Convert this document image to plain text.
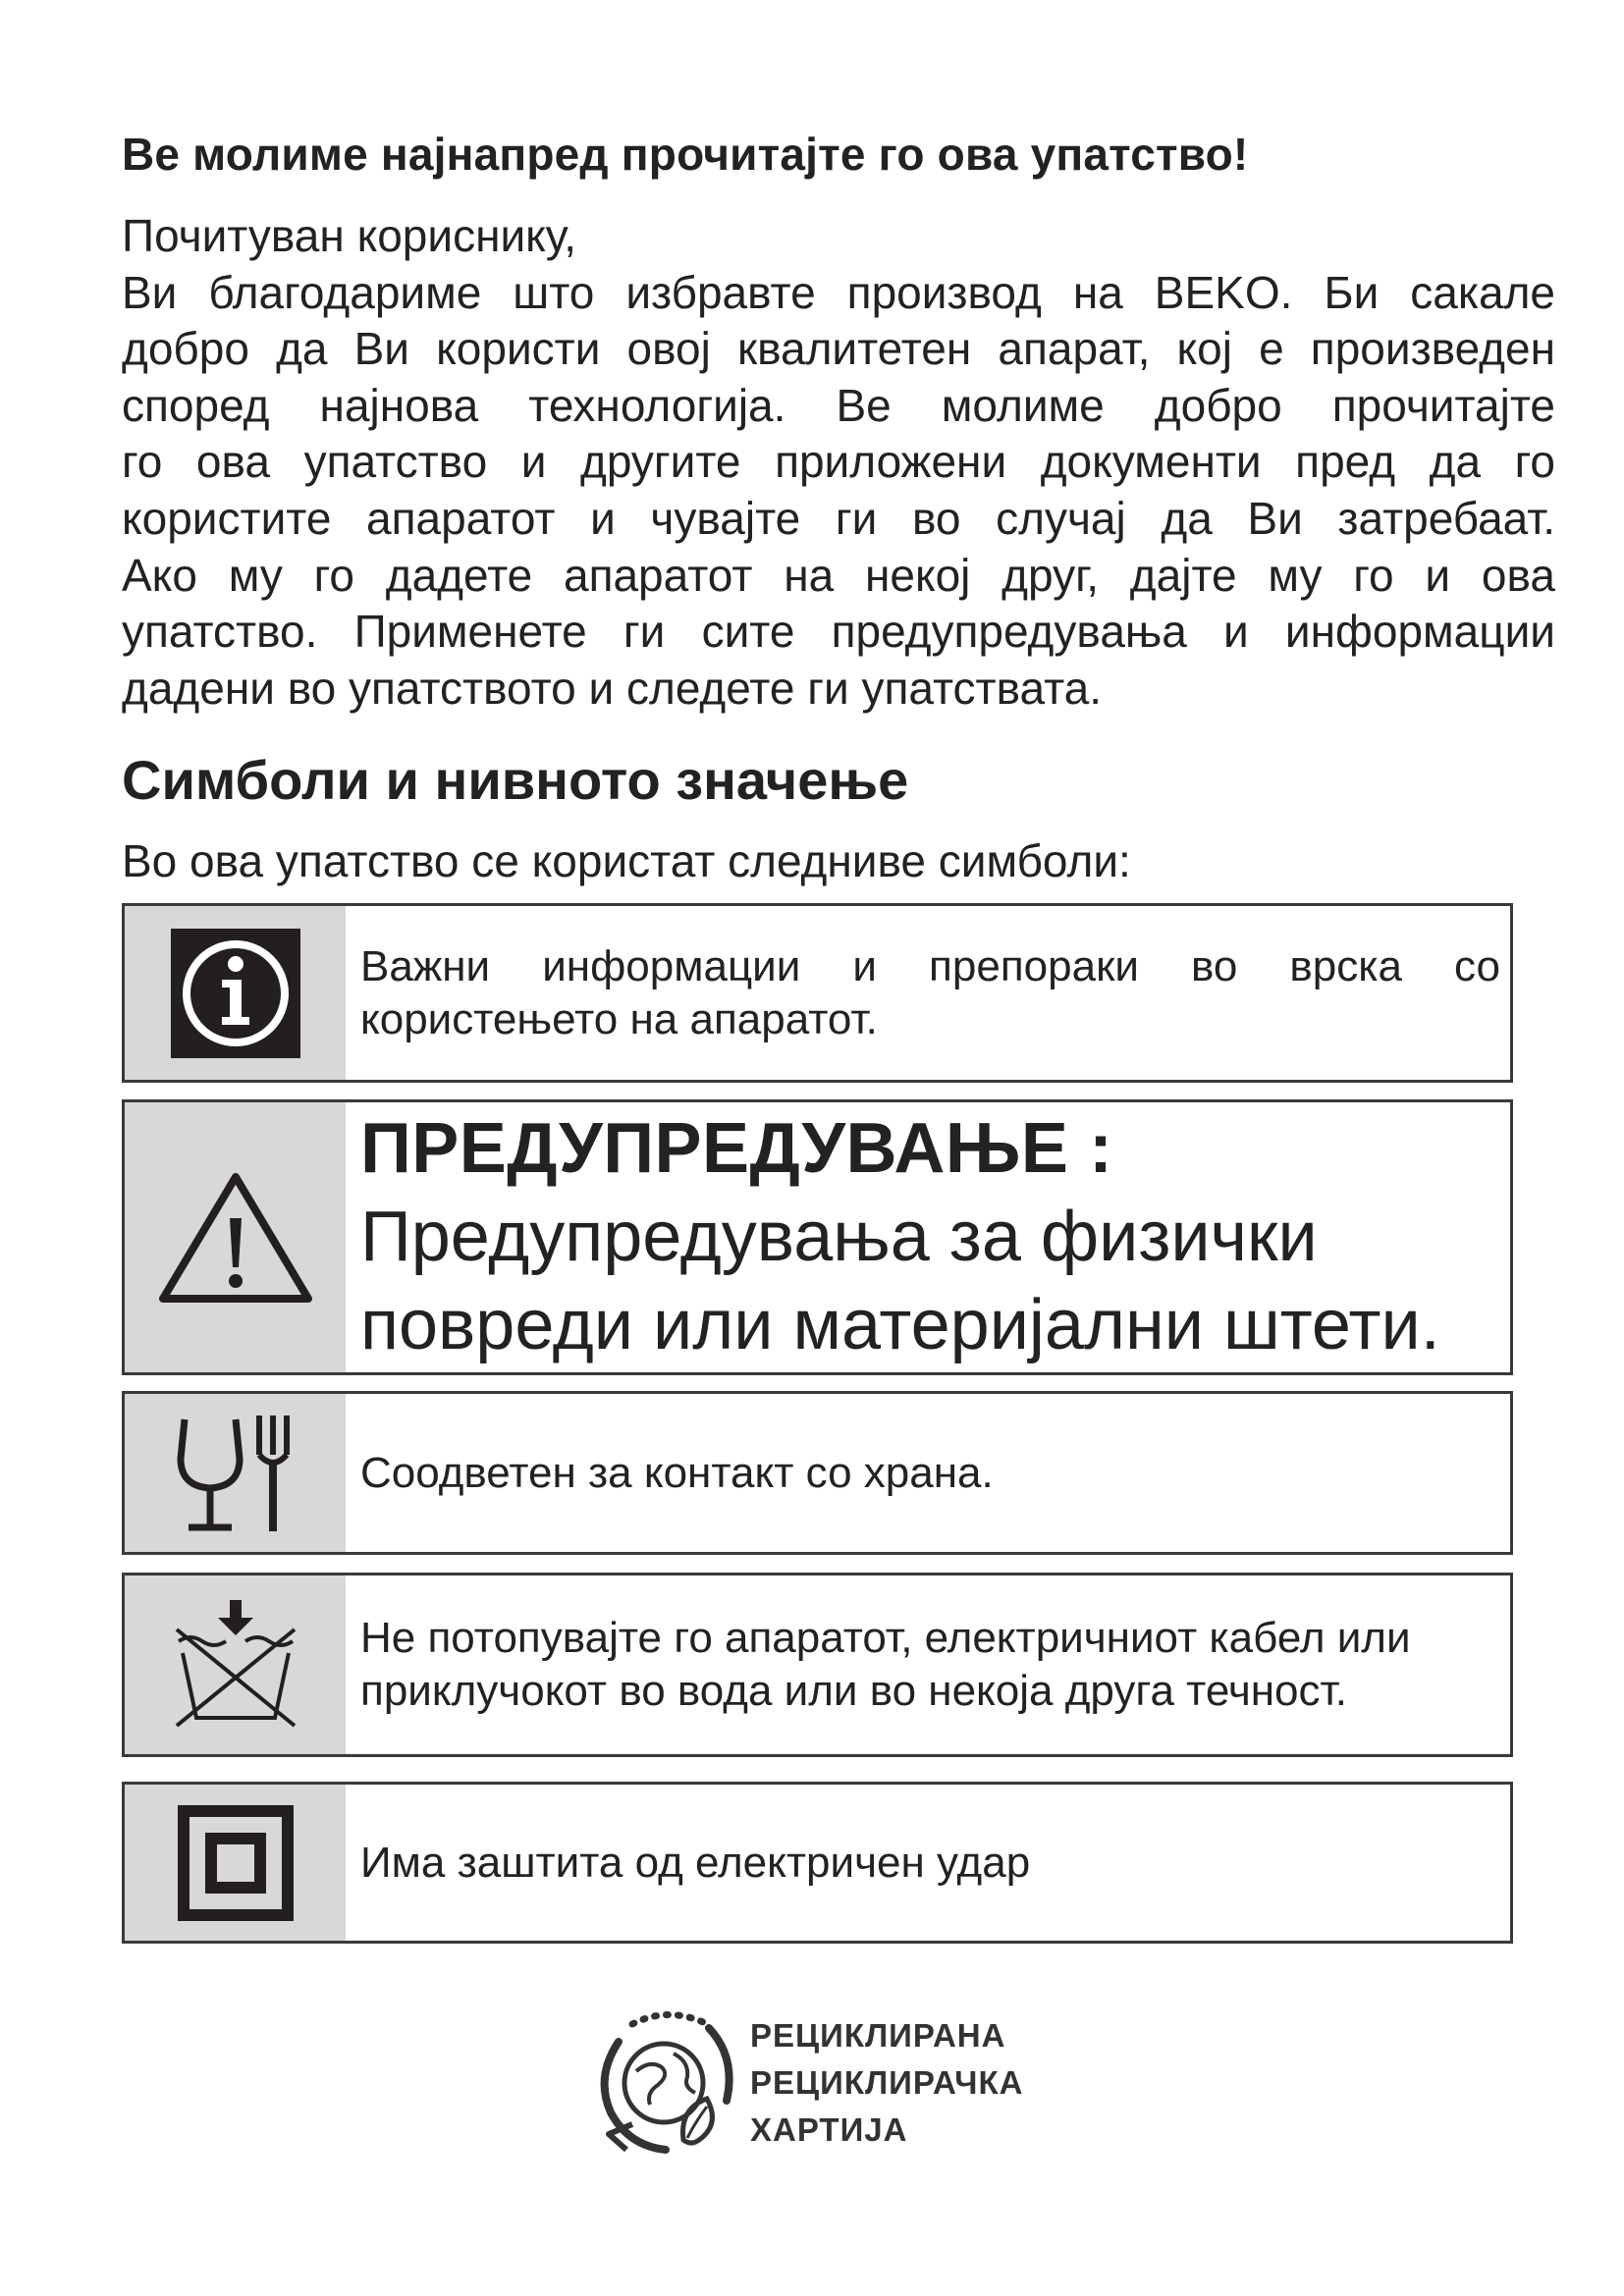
Ве молиме најнапред прочитајте го ова упатство!
Почитуван кориснику,
Ви благодариме што избравте производ на BEKO. Би сакале
добро да Ви користи овој квалитетен апарат, кој е произведен
според најнова технологија. Ве молиме добро прочитајте
го ова упатство и другите приложени документи пред да го
користите апаратот и чувајте ги во случај да Ви затребаат.
Ако му го дадете апаратот на некој друг, дајте му го и ова
упатство. Применете ги сите предупредувања и информации
дадени во упатството и следете ги упатствата.
Симболи и нивното значење
Во ова упатство се користат следниве симболи:
Важни информации и препораки во врска со
користењето на апаратот.
ПРЕДУПРЕДУВАЊЕ :
Предупредувања за физички
повреди или материјални штети.
Соодветен за контакт со храна.
Не потопувајте го апаратот, електричниот кабел или
приклучокот во вода или во некоја друга течност.
Има заштита од електричен удар
РЕЦИКЛИРАНА
РЕЦИКЛИРАЧКА
ХАРТИЈА
